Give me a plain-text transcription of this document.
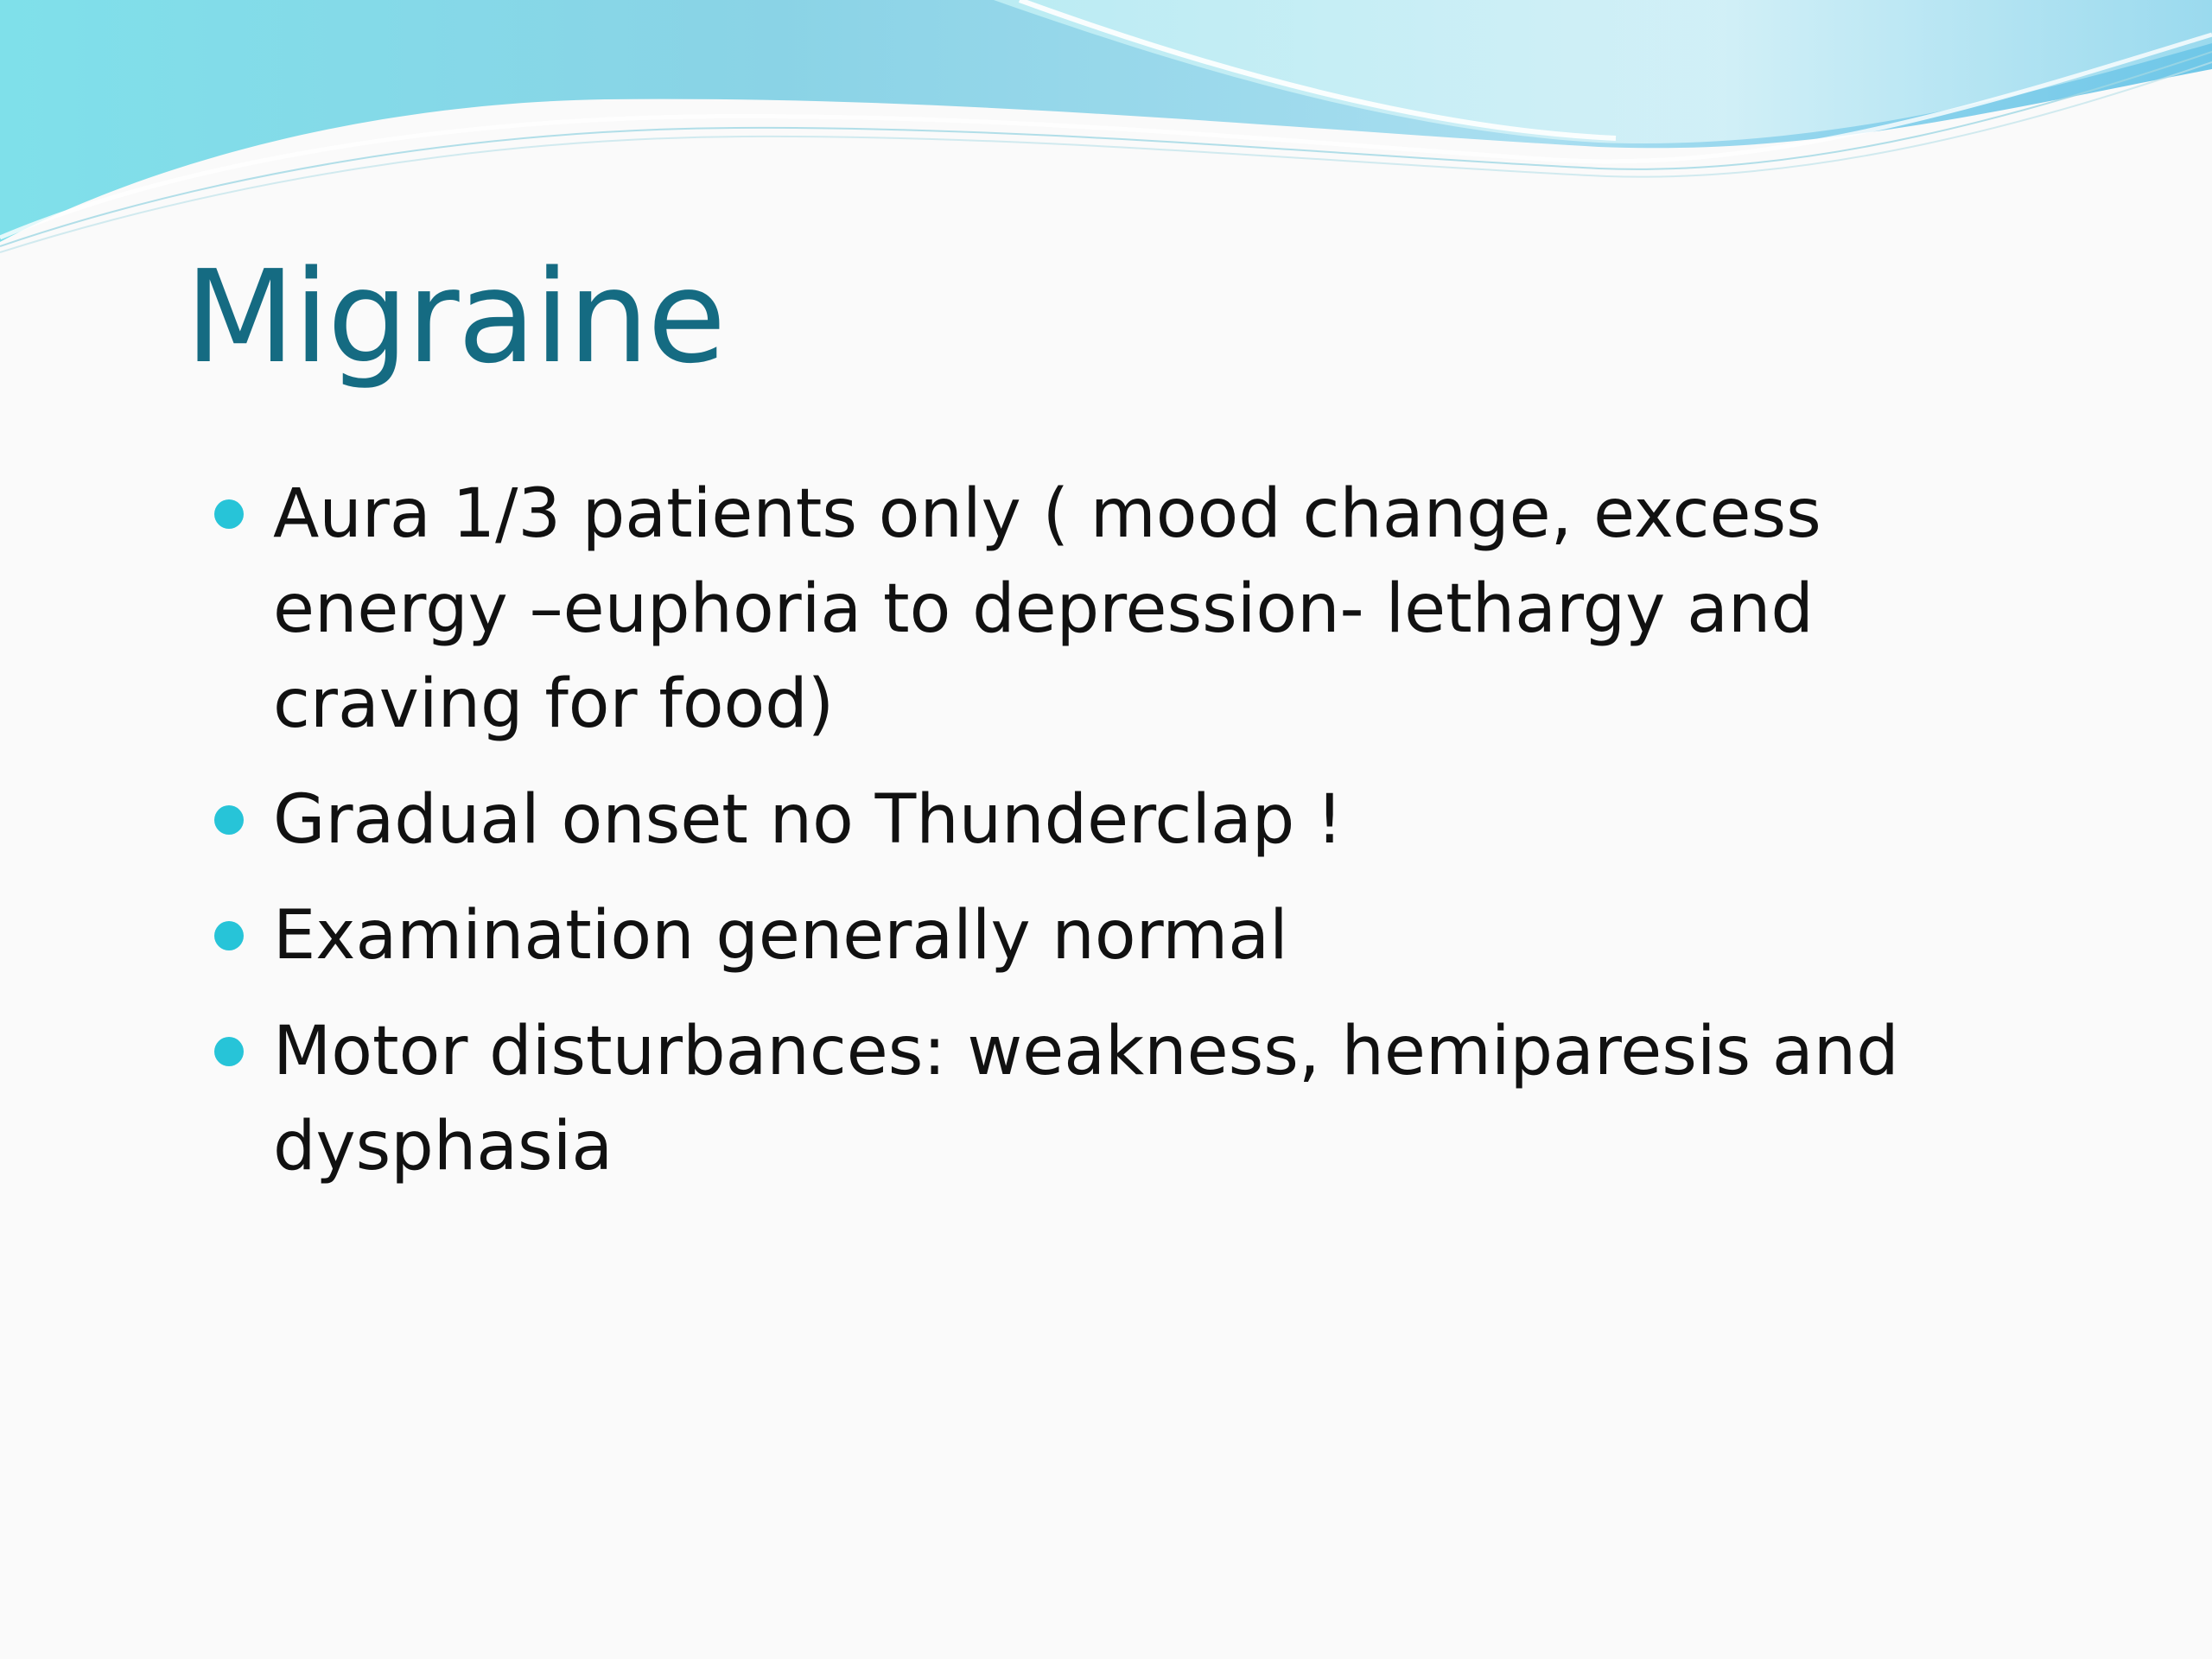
Migraine
Aura 1/3 patients only ( mood change, excess energy –euphoria to depression- lethargy and craving for food)
Gradual onset no Thunderclap !
Examination generally normal
Motor disturbances: weakness, hemiparesis and dysphasia
